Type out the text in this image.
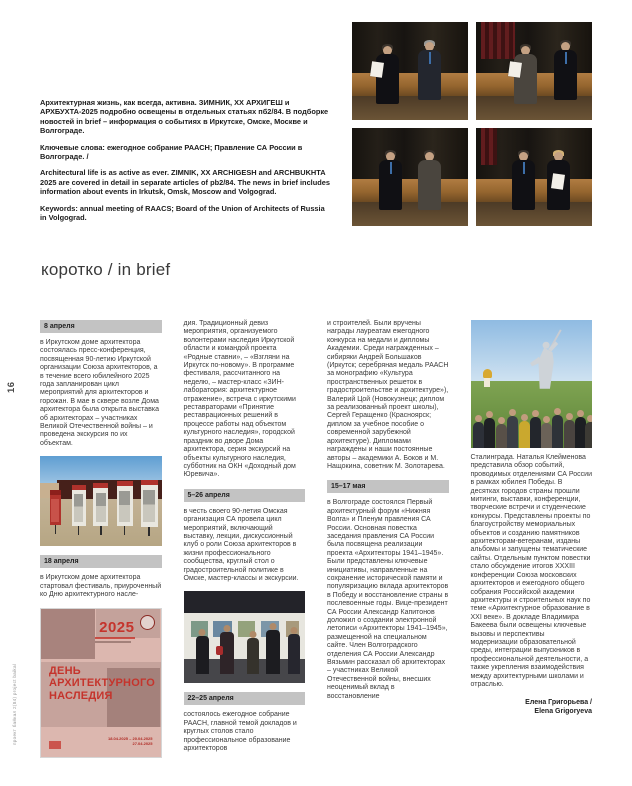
16
проект байкал 2(84) project baikal

Архитектурная жизнь, как всегда, активна. ЗИМНИК, XX АРХИГЕШ и АРХБУХТА-2025 подробно освещены в отдельных статьях пб2/84. В подборке новостей in brief – информация о событиях в Иркутске, Омске, Москве и Волгограде.

Ключевые слова: ежегодное собрание РААСН; Правление СА России в Волгограде. /

Architectural life is as active as ever. ZIMNIK, XX ARCHIGESH and ARCHBUKHTA 2025 are covered in detail in separate articles of pb2/84. The news in brief includes information about events in Irkutsk, Omsk, Moscow and Volgograd.

Keywords: annual meeting of RAACS; Board of the Union of Architects of Russia in Volgograd.

коротко / in brief
8 апреля

в Иркутском доме архитектора состоялась пресс-конференция, посвященная 90-летию Иркутской организации Союза архитекторов, а в течение всего юбилейного 2025 года запланирован цикл мероприятий для архитекторов и горожан. В мае в сквере возле Дома архитектора была открыта выставка об архитекторах – участниках Великой Отечественной войны – и проведена экскурсия по их объектам.

18 апреля

в Иркутском доме архитектора стартовал фестиваль, приуроченный ко Дню архитектурного насле-

2025
ДЕНЬ
АРХИТЕКТУРНОГО
НАСЛЕДИЯ
18.04.2025 – 20.04.2025
27.04.2025

дия. Традиционный девиз мероприятия, организуемого волонтерами наследия Иркутской области и командой проекта «Родные ставни», – «Взгляни на Иркутск по-новому». В программе фестиваля, рассчитанного на неделю, – мастер-класс «ЗИН-лаборатория: архитектурное отражение», встреча с иркутскими реставраторами «Принятие реставрационных решений в процессе работы над объектом культурного наследия», городской праздник во дворе Дома архитектора, серия экскурсий на объекты культурного наследия, субботник на ОКН «Доходный дом Юревича».

5–26 апреля

в честь своего 90-летия Омская организация СА провела цикл мероприятий, включающий выставку, лекции, дискуссионный клуб о роли Союза архитекторов в жизни профессионального сообщества, круглый стол о градостроительной политике в Омске, мастер-классы и экскурсии.

22–25 апреля

состоялось ежегодное собрание РААСН, главной темой докладов и круглых столов стало профессиональное образование архитекторов

и строителей. Были вручены награды лауреатам ежегодного конкурса на медали и дипломы Академии. Среди награжденных – сибиряки Андрей Большаков (Иркутск; серебряная медаль РААСН за монографию «Культура пространственных решеток в градостроительстве и архитектуре»), Валерий Цой (Новокузнецк; диплом за реализованный проект школы), Сергей Геращенко (Красноярск; диплом за учебное пособие о современной зарубежной архитектуре). Дипломами награждены и наши постоянные авторы – академики А. Боков и М. Нащокина, советник М. Золотарева.

15–17 мая

в Волгограде состоялся Первый архитектурный форум «Нижняя Волга» и Пленум правления СА России. Основная повестка заседания правления СА России была посвящена реализации проекта «Архитекторы 1941–1945». Были представлены ключевые инициативы, направленные на сохранение исторической памяти и популяризацию вклада архитекторов в Победу и восстановление страны в послевоенные годы. Вице-президент СА России Александр Капитонов доложил о создании электронной летописи «Архитекторы 1941–1945», размещенной на специальном сайте. Член Волгоградского отделения СА России Александр Вязьмин рассказал об архитекторах – участниках Великой Отечественной войны, внесших неоценимый вклад в восстановление

Сталинграда. Наталья Клейменова представила обзор событий, проводимых отделениями СА России в рамках юбилея Победы. В десятках городов страны прошли митинги, выставки, конференции, творческие встречи и студенческие конкурсы. Представлены проекты по благоустройству мемориальных объектов и созданию памятников архитекторам-ветеранам, изданы альбомы и запущены тематические сайты. Отдельным пунктом повестки стало обсуждение итогов XXXIII конференции Союза московских архитекторов и ежегодного общего собрания Российской академии архитектуры и строительных наук по теме «Архитектурное образование в XXI веке». В докладе Владимира Бакеева были освещены ключевые вызовы и перспективы модернизации образовательной среды, интеграции выпускников в профессиональной деятельности, а также укрепления взаимодействия между архитектурными школами и отраслью.

Елена Григорьева /
Elena Grigoryeva
